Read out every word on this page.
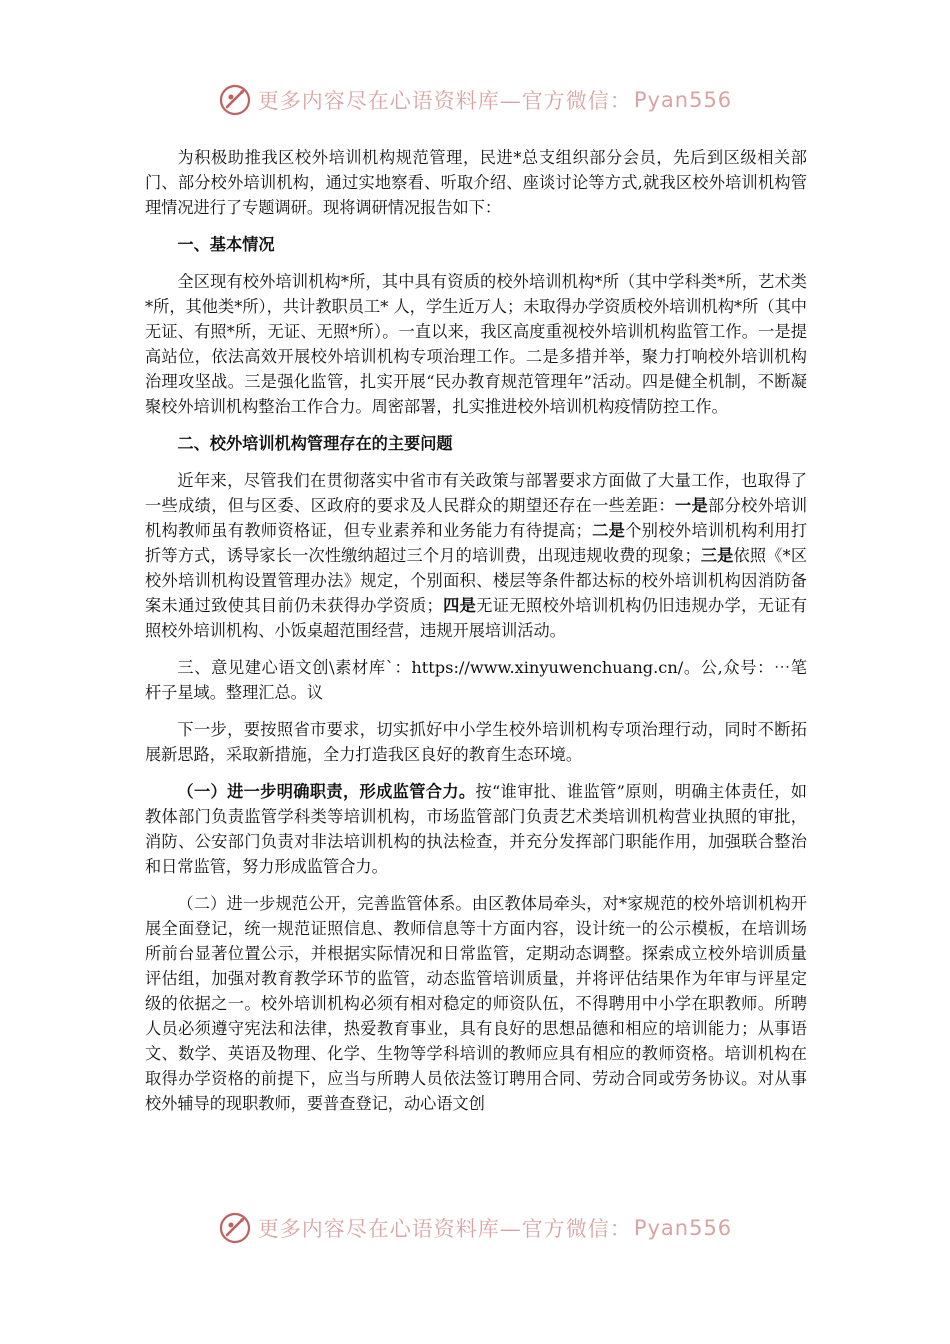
更多内容尽在心语资料库—官方微信： Pyan556

为积极助推我区校外培训机构规范管理，民进*总支组织部分会员，先后到区级相关部门、部分校外培训机构，通过实地察看、听取介绍、座谈讨论等方式,就我区校外培训机构管理情况进行了专题调研。现将调研情况报告如下：

一、基本情况

全区现有校外培训机构*所，其中具有资质的校外培训机构*所（其中学科类*所，艺术类*所，其他类*所），共计教职员工* 人，学生近万人；未取得办学资质校外培训机构*所（其中无证、有照*所，无证、无照*所）。一直以来，我区高度重视校外培训机构监管工作。一是提高站位，依法高效开展校外培训机构专项治理工作。二是多措并举，聚力打响校外培训机构治理攻坚战。三是强化监管，扎实开展“民办教育规范管理年”活动。四是健全机制，不断凝聚校外培训机构整治工作合力。周密部署，扎实推进校外培训机构疫情防控工作。

二、校外培训机构管理存在的主要问题

近年来，尽管我们在贯彻落实中省市有关政策与部署要求方面做了大量工作，也取得了一些成绩，但与区委、区政府的要求及人民群众的期望还存在一些差距：一是部分校外培训机构教师虽有教师资格证，但专业素养和业务能力有待提高；二是个别校外培训机构利用打折等方式，诱导家长一次性缴纳超过三个月的培训费，出现违规收费的现象；三是依照《*区校外培训机构设置管理办法》规定，个别面积、楼层等条件都达标的校外培训机构因消防备案未通过致使其目前仍未获得办学资质；四是无证无照校外培训机构仍旧违规办学，无证有照校外培训机构、小饭桌超范围经营，违规开展培训活动。

三、意见建心语文创\素材库`：https://www.xinyuwenchuang.cn/。公,众号：⋯笔杆子星域。整理汇总。议

下一步，要按照省市要求，切实抓好中小学生校外培训机构专项治理行动，同时不断拓展新思路，采取新措施，全力打造我区良好的教育生态环境。

（一）进一步明确职责，形成监管合力。按“谁审批、谁监管”原则，明确主体责任，如教体部门负责监管学科类等培训机构，市场监管部门负责艺术类培训机构营业执照的审批，消防、公安部门负责对非法培训机构的执法检查，并充分发挥部门职能作用，加强联合整治和日常监管，努力形成监管合力。

（二）进一步规范公开，完善监管体系。由区教体局牵头，对*家规范的校外培训机构开展全面登记，统一规范证照信息、教师信息等十方面内容，设计统一的公示模板，在培训场所前台显著位置公示，并根据实际情况和日常监管，定期动态调整。探索成立校外培训质量评估组，加强对教育教学环节的监管，动态监管培训质量，并将评估结果作为年审与评星定级的依据之一。校外培训机构必须有相对稳定的师资队伍，不得聘用中小学在职教师。所聘人员必须遵守宪法和法律，热爱教育事业，具有良好的思想品德和相应的培训能力；从事语文、数学、英语及物理、化学、生物等学科培训的教师应具有相应的教师资格。培训机构在取得办学资格的前提下，应当与所聘人员依法签订聘用合同、劳动合同或劳务协议。对从事校外辅导的现职教师，要普查登记，动心语文创

更多内容尽在心语资料库—官方微信： Pyan556
